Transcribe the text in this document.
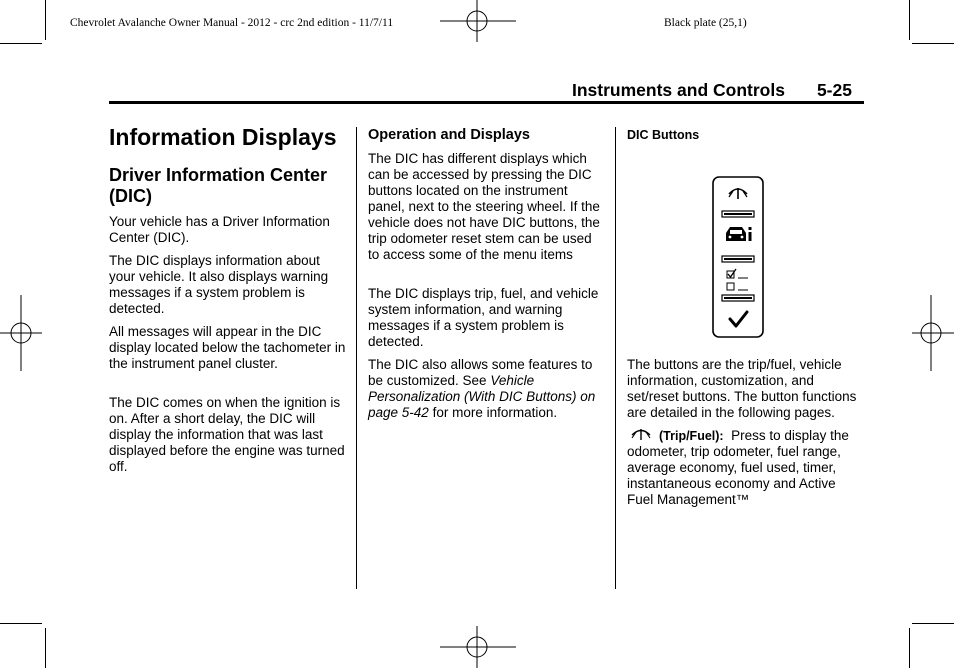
Chevrolet Avalanche Owner Manual - 2012 - crc 2nd edition - 11/7/11	Black plate (25,1)
Instruments and Controls 5-25
Information Displays
Driver Information Center (DIC)

Your vehicle has a Driver Information Center (DIC).

The DIC displays information about your vehicle. It also displays warning messages if a system problem is detected.

All messages will appear in the DIC display located below the tachometer in the instrument panel cluster.

The DIC comes on when the ignition is on. After a short delay, the DIC will display the information that was last displayed before the engine was turned off.

Operation and Displays

The DIC has different displays which can be accessed by pressing the DIC buttons located on the instrument panel, next to the steering wheel. If the vehicle does not have DIC buttons, the trip odometer reset stem can be used to access some of the menu items

The DIC displays trip, fuel, and vehicle system information, and warning messages if a system problem is detected.

The DIC also allows some features to be customized. See Vehicle Personalization (With DIC Buttons) on page 5-42 for more information.

DIC Buttons

The buttons are the trip/fuel, vehicle information, customization, and set/reset buttons. The button functions are detailed in the following pages.

(Trip/Fuel): Press to display the odometer, trip odometer, fuel range, average economy, fuel used, timer, instantaneous economy and Active Fuel Management™
